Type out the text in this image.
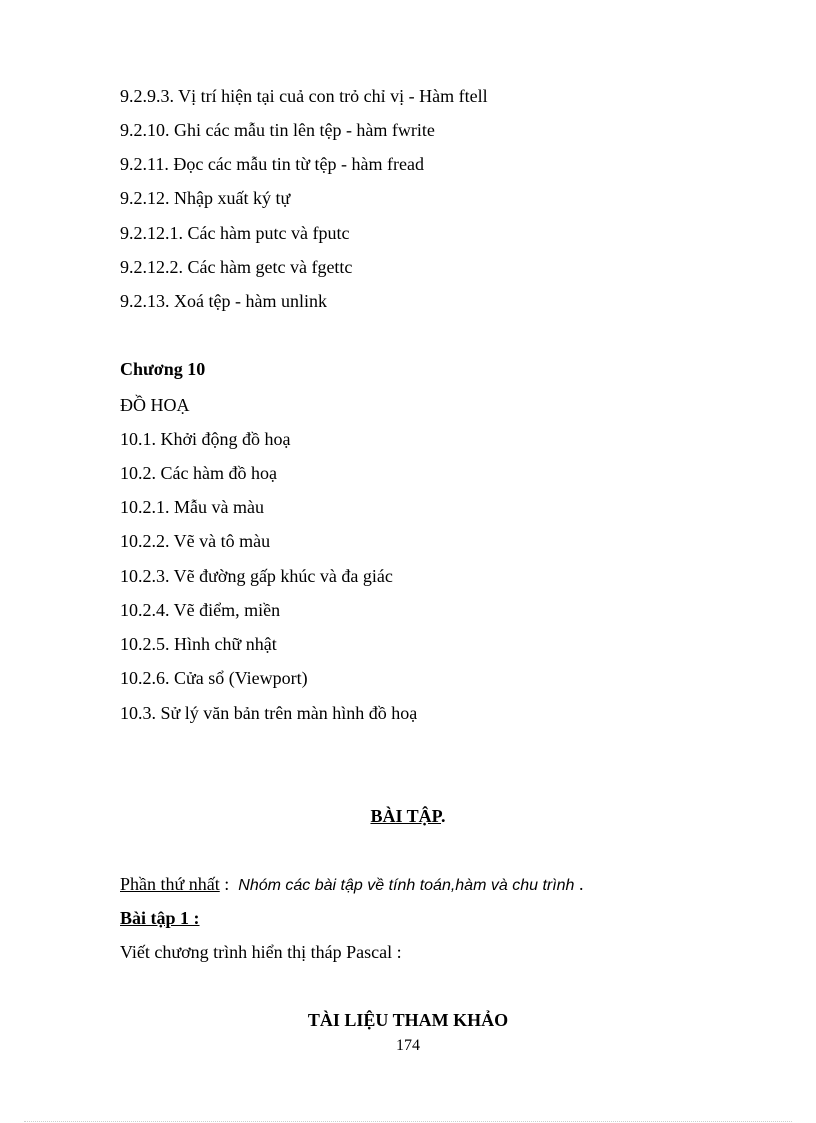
9.2.9.3. Vị trí hiện tại cuả con trỏ chỉ vị - Hàm ftell
9.2.10. Ghi các mẫu tin lên tệp - hàm fwrite
9.2.11. Đọc các mẫu tin từ tệp - hàm fread
9.2.12. Nhập xuất ký tự
9.2.12.1. Các hàm putc và fputc
9.2.12.2. Các hàm getc và fgettc
9.2.13. Xoá tệp - hàm unlink
Chương 10
ĐỒ HOẠ
10.1. Khởi động đồ hoạ
10.2. Các hàm đồ hoạ
10.2.1. Mẫu và màu
10.2.2. Vẽ và tô màu
10.2.3. Vẽ đường gấp khúc và đa giác
10.2.4. Vẽ điểm, miền
10.2.5. Hình chữ nhật
10.2.6. Cửa sổ (Viewport)
10.3. Sử lý văn bản trên màn hình đồ hoạ
BÀI TẬP.
Phần thứ nhất :  Nhóm các bài tập về tính toán,hàm và chu trình .
Bài tập 1 :
Viết chương trình hiển thị tháp Pascal :
TÀI LIỆU THAM KHẢO
174
